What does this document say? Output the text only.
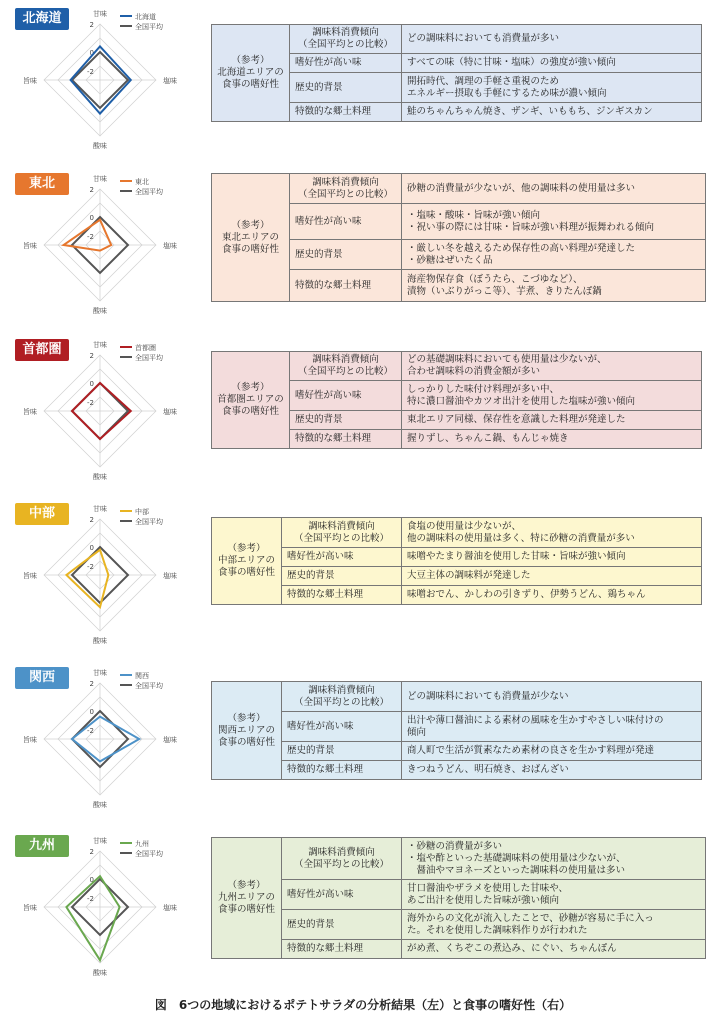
北海道	甘味
塩味
酸味
旨味
2
0
-2
北海道
全国平均
（参考）
北海道エリアの
食事の嗜好性	調味料消費傾向
（全国平均との比較）	どの調味料においても消費量が多い
	嗜好性が高い味	すべての味（特に甘味・塩味）の強度が強い傾向
	歴史的背景	開拓時代、調理の手軽さ重視のため
エネルギー摂取も手軽にするため味が濃い傾向
	特徴的な郷土料理	鮭のちゃんちゃん焼き、ザンギ、いももち、ジンギスカン
東北	甘味
塩味
酸味
旨味
2
0
-2
東北
全国平均
（参考）
東北エリアの
食事の嗜好性	調味料消費傾向
（全国平均との比較）	砂糖の消費量が少ないが、他の調味料の使用量は多い
	嗜好性が高い味	・塩味・酸味・旨味が強い傾向
・祝い事の際には甘味・旨味が強い料理が振舞われる傾向
	歴史的背景	・厳しい冬を越えるため保存性の高い料理が発達した
・砂糖はぜいたく品
	特徴的な郷土料理	海産物保存食（ぼうたら、こづゆなど）、
漬物（いぶりがっこ等）、芋煮、きりたんぽ鍋
首都圏	甘味
塩味
酸味
旨味
2
0
-2
首都圏
全国平均
（参考）
首都圏エリアの
食事の嗜好性	調味料消費傾向
（全国平均との比較）	どの基礎調味料においても使用量は少ないが、
合わせ調味料の消費金額が多い
	嗜好性が高い味	しっかりした味付け料理が多い中、
特に濃口醤油やカツオ出汁を使用した塩味が強い傾向
	歴史的背景	東北エリア同様、保存性を意識した料理が発達した
	特徴的な郷土料理	握りずし、ちゃんこ鍋、もんじゃ焼き
中部	甘味
塩味
酸味
旨味
2
0
-2
中部
全国平均
（参考）
中部エリアの
食事の嗜好性	調味料消費傾向
（全国平均との比較）	食塩の使用量は少ないが、
他の調味料の使用量は多く、特に砂糖の消費量が多い
	嗜好性が高い味	味噌やたまり醤油を使用した甘味・旨味が強い傾向
	歴史的背景	大豆主体の調味料が発達した
	特徴的な郷土料理	味噌おでん、かしわの引きずり、伊勢うどん、鶏ちゃん
関西	甘味
塩味
酸味
旨味
2
0
-2
関西
全国平均
（参考）
関西エリアの
食事の嗜好性	調味料消費傾向
（全国平均との比較）	どの調味料においても消費量が少ない
	嗜好性が高い味	出汁や薄口醤油による素材の風味を生かすやさしい味付けの
傾向
	歴史的背景	商人町で生活が質素なため素材の良さを生かす料理が発達
	特徴的な郷土料理	きつねうどん、明石焼き、おばんざい
九州	甘味
塩味
酸味
旨味
2
0
-2
九州
全国平均
（参考）
九州エリアの
食事の嗜好性	調味料消費傾向
（全国平均との比較）	・砂糖の消費量が多い
・塩や酢といった基礎調味料の使用量は少ないが、
　醤油やマヨネーズといった調味料の使用量は多い
	嗜好性が高い味	甘口醤油やザラメを使用した甘味や、
あご出汁を使用した旨味が強い傾向
	歴史的背景	海外からの文化が流入したことで、砂糖が容易に手に入っ
た。それを使用した調味料作りが行われた
	特徴的な郷土料理	がめ煮、くちぞこの煮込み、にぐい、ちゃんぽん
図　6つの地域におけるポテトサラダの分析結果（左）と食事の嗜好性（右）
